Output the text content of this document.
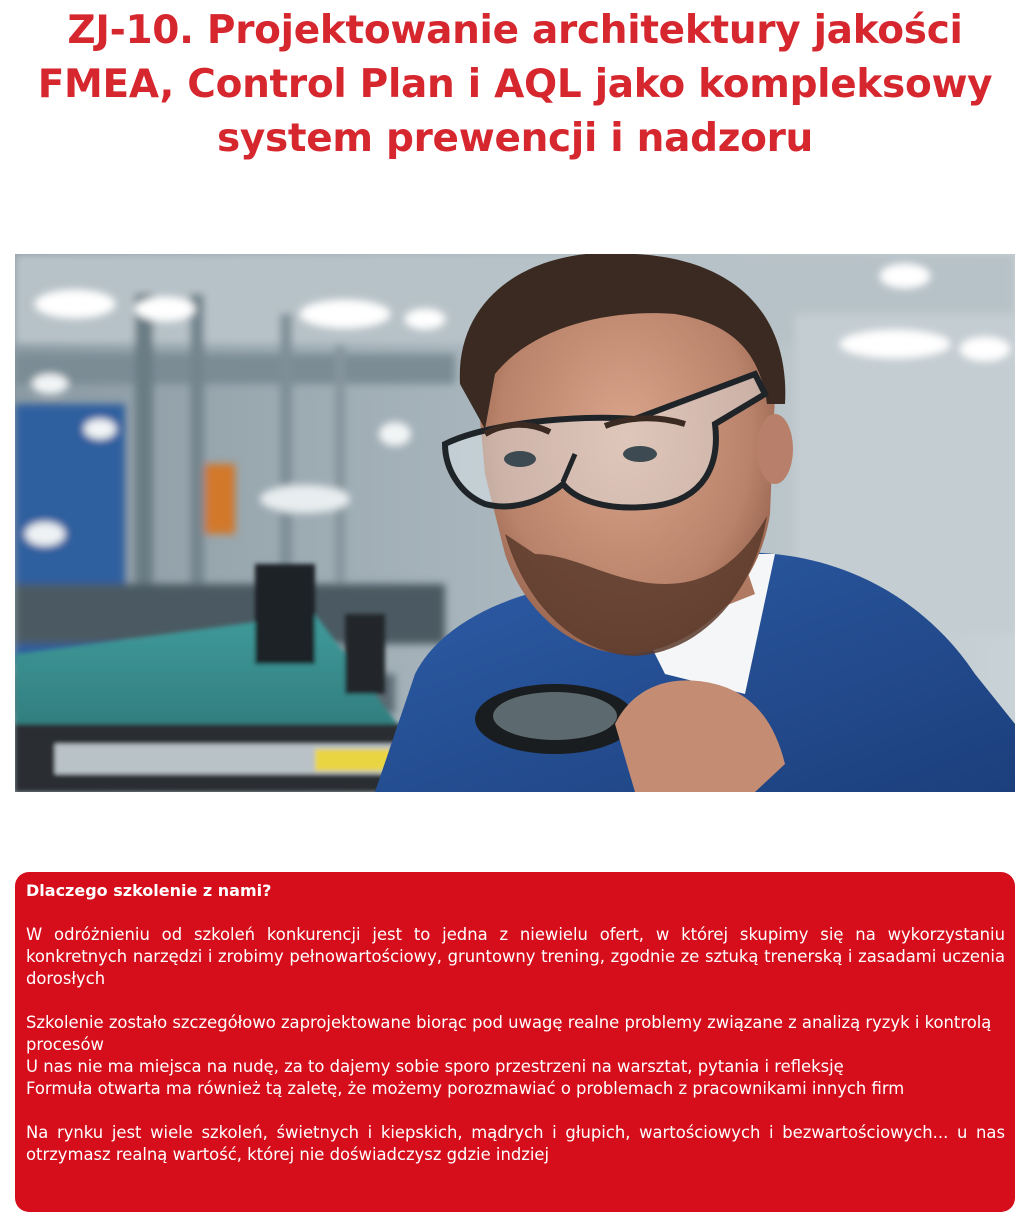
ZJ-10. Projektowanie architektury jakości FMEA, Control Plan i AQL jako kompleksowy system prewencji i nadzoru
Dlaczego szkolenie z nami?

W odróżnieniu od szkoleń konkurencji jest to jedna z niewielu ofert, w której skupimy się na wykorzystaniu konkretnych narzędzi i zrobimy pełnowartościowy, gruntowny trening, zgodnie ze sztuką trenerską i zasadami uczenia dorosłych

Szkolenie zostało szczegółowo zaprojektowane biorąc pod uwagę realne problemy związane z analizą ryzyk i kontrolą procesów
U nas nie ma miejsca na nudę, za to dajemy sobie sporo przestrzeni na warsztat, pytania i refleksję
Formuła otwarta ma również tą zaletę, że możemy porozmawiać o problemach z pracownikami innych firm

Na rynku jest wiele szkoleń, świetnych i kiepskich, mądrych i głupich, wartościowych i bezwartościowych... u nas otrzymasz realną wartość, której nie doświadczysz gdzie indziej
